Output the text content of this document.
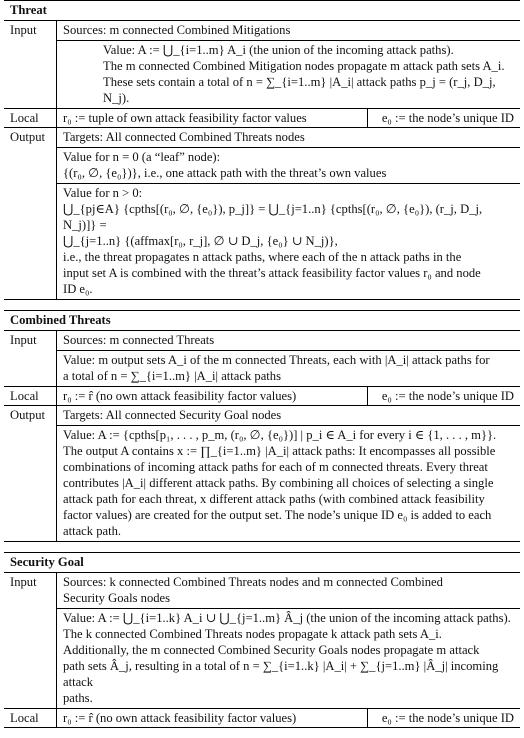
Threat
Input	Sources: m connected Combined Mitigations
Value: A := ⋃_{i=1..m} A_i (the union of the incoming attack paths).
The m connected Combined Mitigation nodes propagate m attack path sets A_i.
These sets contain a total of n = ∑_{i=1..m} |A_i| attack paths p_j = (r_j, D_j, N_j).
Local	r₀ := tuple of own attack feasibility factor values	e₀ := the node’s unique ID
Output	Targets: All connected Combined Threats nodes
Value for n = 0 (a “leaf” node):
{(r₀, ∅, {e₀})}, i.e., one attack path with the threat’s own values
Value for n > 0:
⋃_{pj∈A} {cpths[(r₀, ∅, {e₀}), p_j]} = ⋃_{j=1..n} {cpths[(r₀, ∅, {e₀}), (r_j, D_j, N_j)]} =
⋃_{j=1..n} {(affmax[r₀, r_j], ∅ ∪ D_j, {e₀} ∪ N_j)},
i.e., the threat propagates n attack paths, where each of the n attack paths in the
input set A is combined with the threat’s attack feasibility factor values r₀ and node
ID e₀.
Combined Threats
Input	Sources: m connected Threats
Value: m output sets A_i of the m connected Threats, each with |A_i| attack paths for
a total of n = ∑_{i=1..m} |A_i| attack paths
Local	r₀ := r̂ (no own attack feasibility factor values)	e₀ := the node’s unique ID
Output	Targets: All connected Security Goal nodes
Value: A := {cpths[p₁, . . . , p_m, (r₀, ∅, {e₀})] | p_i ∈ A_i for every i ∈ {1, . . . , m}}.
The output A contains x := ∏_{i=1..m} |A_i| attack paths: It encompasses all possible
combinations of incoming attack paths for each of m connected threats. Every threat
contributes |A_i| different attack paths. By combining all choices of selecting a single
attack path for each threat, x different attack paths (with combined attack feasibility
factor values) are created for the output set. The node’s unique ID e₀ is added to each
attack path.
Security Goal
Input	Sources: k connected Combined Threats nodes and m connected Combined
Security Goals nodes
Value: A := ⋃_{i=1..k} A_i ∪ ⋃_{j=1..m} Â_j (the union of the incoming attack paths).
The k connected Combined Threats nodes propagate k attack path sets A_i.
Additionally, the m connected Combined Security Goals nodes propagate m attack
path sets Â_j, resulting in a total of n = ∑_{i=1..k} |A_i| + ∑_{j=1..m} |Â_j| incoming attack
paths.
Local	r₀ := r̂ (no own attack feasibility factor values)	e₀ := the node’s unique ID
